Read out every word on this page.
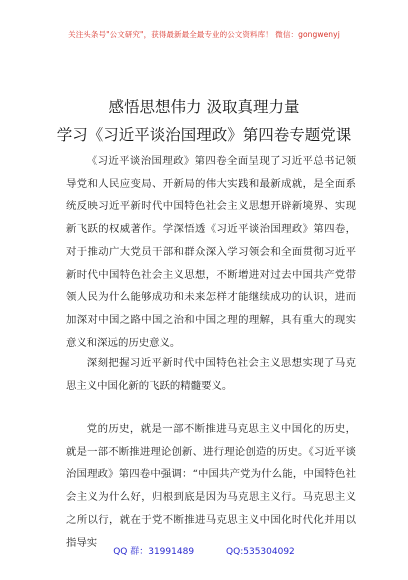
关注头条号"公文研究"，获得最新最全最专业的公文资料库！ 微信：gongwenyj
感悟思想伟力 汲取真理力量
学习《习近平谈治国理政》第四卷专题党课

《习近平谈治国理政》第四卷全面呈现了习近平总书记领导党和人民应变局、开新局的伟大实践和最新成就，是全面系统反映习近平新时代中国特色社会主义思想开辟新境界、实现新飞跃的权威著作。学深悟透《习近平谈治国理政》第四卷，对于推动广大党员干部和群众深入学习领会和全面贯彻习近平新时代中国特色社会主义思想，不断增进对过去中国共产党带领人民为什么能够成功和未来怎样才能继续成功的认识，进而加深对中国之路中国之治和中国之理的理解，具有重大的现实意义和深远的历史意义。

深刻把握习近平新时代中国特色社会主义思想实现了马克思主义中国化新的飞跃的精髓要义。

党的历史，就是一部不断推进马克思主义中国化的历史，就是一部不断推进理论创新、进行理论创造的历史。《习近平谈治国理政》第四卷中强调：“中国共产党为什么能，中国特色社会主义为什么好，归根到底是因为马克思主义行。马克思主义之所以行，就在于党不断推进马克思主义中国化时代化并用以指导实

QQ 群：31991489	QQ:535304092
